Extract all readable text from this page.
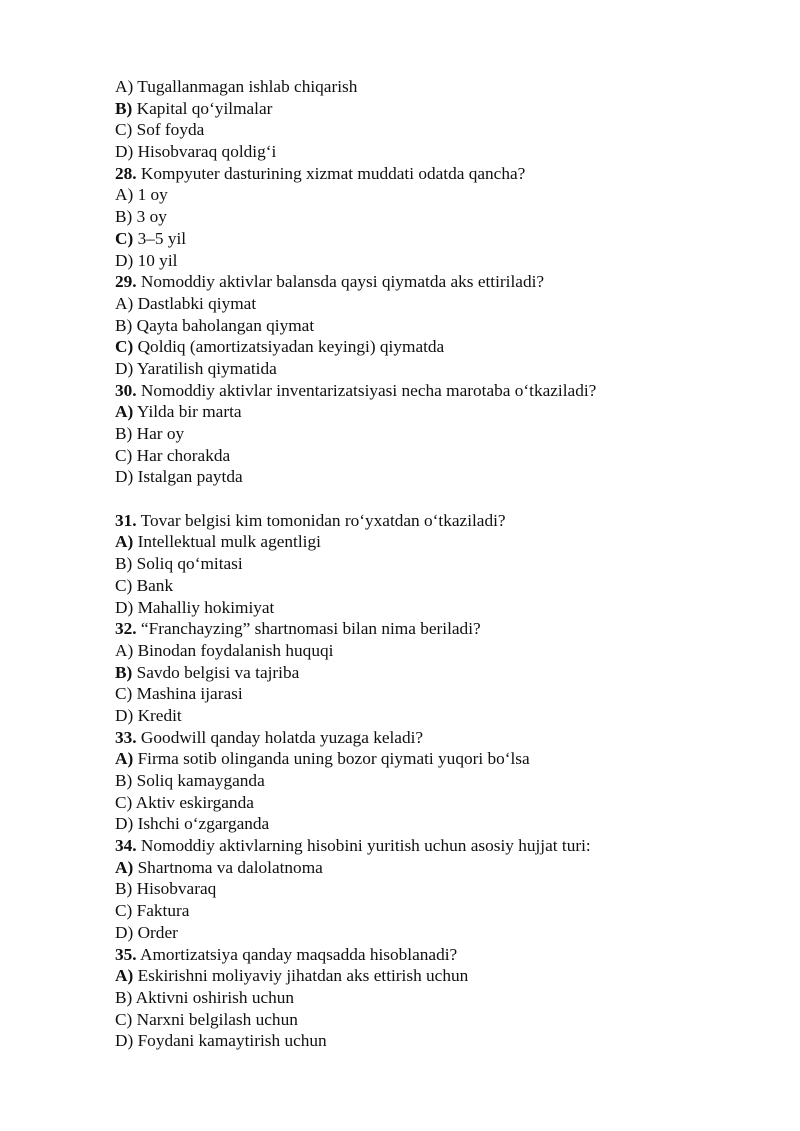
A) Tugallanmagan ishlab chiqarish
B) Kapital qo‘yilmalar
C) Sof foyda
D) Hisobvaraq qoldig‘i
28. Kompyuter dasturining xizmat muddati odatda qancha?
A) 1 oy
B) 3 oy
C) 3–5 yil
D) 10 yil
29. Nomoddiy aktivlar balansda qaysi qiymatda aks ettiriladi?
A) Dastlabki qiymat
B) Qayta baholangan qiymat
C) Qoldiq (amortizatsiyadan keyingi) qiymatda
D) Yaratilish qiymatida
30. Nomoddiy aktivlar inventarizatsiyasi necha marotaba o‘tkaziladi?
A) Yilda bir marta
B) Har oy
C) Har chorakda
D) Istalgan paytda
31. Tovar belgisi kim tomonidan ro‘yxatdan o‘tkaziladi?
A) Intellektual mulk agentligi
B) Soliq qo‘mitasi
C) Bank
D) Mahalliy hokimiyat
32. “Franchayzing” shartnomasi bilan nima beriladi?
A) Binodan foydalanish huquqi
B) Savdo belgisi va tajriba
C) Mashina ijarasi
D) Kredit
33. Goodwill qanday holatda yuzaga keladi?
A) Firma sotib olinganda uning bozor qiymati yuqori bo‘lsa
B) Soliq kamayganda
C) Aktiv eskirganda
D) Ishchi o‘zgarganda
34. Nomoddiy aktivlarning hisobini yuritish uchun asosiy hujjat turi:
A) Shartnoma va dalolatnoma
B) Hisobvaraq
C) Faktura
D) Order
35. Amortizatsiya qanday maqsadda hisoblanadi?
A) Eskirishni moliyaviy jihatdan aks ettirish uchun
B) Aktivni oshirish uchun
C) Narxni belgilash uchun
D) Foydani kamaytirish uchun
